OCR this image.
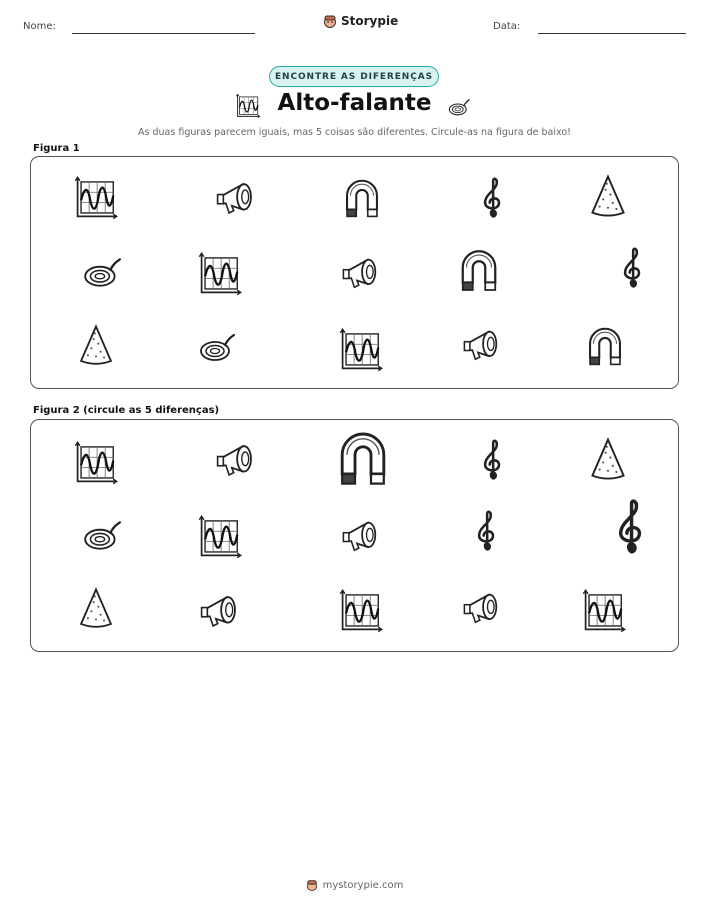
Nome:	Storypie	Data:
ENCONTRE AS DIFERENÇAS
Alto-falante
As duas figuras parecem iguais, mas 5 coisas são diferentes. Circule-as na figura de baixo!
Figura 1
Figura 2 (circule as 5 diferenças)
mystorypie.com
